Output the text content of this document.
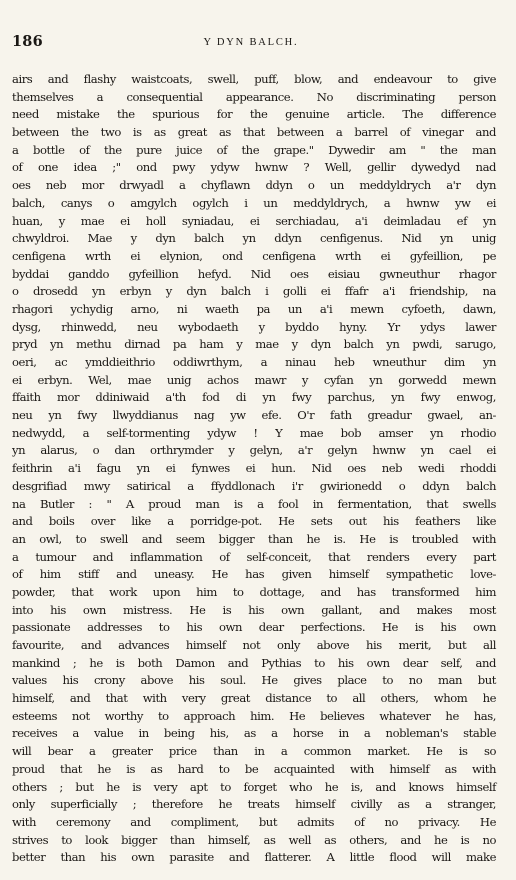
186	Y DYN BALCH.
airs and flashy waistcoats, swell, puff, blow, and endeavour to give
themselves a consequential appearance. No discriminating person
need mistake the spurious for the genuine article. The difference
between the two is as great as that between a barrel of vinegar and
a bottle of the pure juice of the grape." Dywedir am " the man
of one idea ;" ond pwy ydyw hwnw ? Well, gellir dywedyd nad
oes neb mor drwyadl a chyflawn ddyn o un meddyldrych a'r dyn
balch, canys o amgylch ogylch i un meddyldrych, a hwnw yw ei
huan, y mae ei holl syniadau, ei serchiadau, a'i deimladau ef yn
chwyldroi. Mae y dyn balch yn ddyn cenfigenus. Nid yn unig
cenfigena wrth ei elynion, ond cenfigena wrth ei gyfeillion, pe
byddai ganddo gyfeillion hefyd. Nid oes eisiau gwneuthur rhagor
o drosedd yn erbyn y dyn balch i golli ei ffafr a'i friendship, na
rhagori ychydig arno, ni waeth pa un a'i mewn cyfoeth, dawn,
dysg, rhinwedd, neu wybodaeth y byddo hyny. Yr ydys lawer
pryd yn methu dirnad pa ham y mae y dyn balch yn pwdi, sarugo,
oeri, ac ymddieithrio oddiwrthym, a ninau heb wneuthur dim yn
ei erbyn. Wel, mae unig achos mawr y cyfan yn gorwedd mewn
ffaith mor ddiniwaid a'th fod di yn fwy parchus, yn fwy enwog,
neu yn fwy llwyddianus nag yw efe. O'r fath greadur gwael, an-
nedwydd, a self-tormenting ydyw ! Y mae bob amser yn rhodio
yn alarus, o dan orthrymder y gelyn, a'r gelyn hwnw yn cael ei
feithrin a'i fagu yn ei fynwes ei hun. Nid oes neb wedi rhoddi
desgrifiad mwy satirical a ffyddlonach i'r gwirionedd o ddyn balch
na Butler : " A proud man is a fool in fermentation, that swells
and boils over like a porridge-pot. He sets out his feathers like
an owl, to swell and seem bigger than he is. He is troubled with
a tumour and inflammation of self-conceit, that renders every part
of him stiff and uneasy. He has given himself sympathetic love-
powder, that work upon him to dottage, and has transformed him
into his own mistress. He is his own gallant, and makes most
passionate addresses to his own dear perfections. He is his own
favourite, and advances himself not only above his merit, but all
mankind ; he is both Damon and Pythias to his own dear self, and
values his crony above his soul. He gives place to no man but
himself, and that with very great distance to all others, whom he
esteems not worthy to approach him. He believes whatever he has,
receives a value in being his, as a horse in a nobleman's stable
will bear a greater price than in a common market. He is so
proud that he is as hard to be acquainted with himself as with
others ; but he is very apt to forget who he is, and knows himself
only superficially ; therefore he treats himself civilly as a stranger,
with ceremony and compliment, but admits of no privacy. He
strives to look bigger than himself, as well as others, and he is no
better than his own parasite and flatterer. A little flood will make
